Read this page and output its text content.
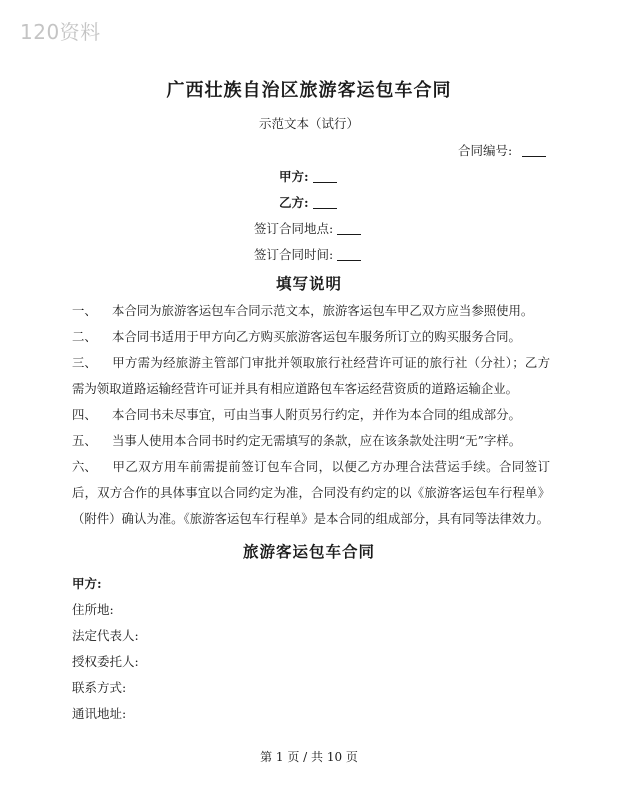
120资料
广西壮族自治区旅游客运包车合同
示范文本（试行）
合同编号:
甲方:
乙方:
签订合同地点:
签订合同时间:
填写说明
一、 本合同为旅游客运包车合同示范文本，旅游客运包车甲乙双方应当参照使用。
二、 本合同书适用于甲方向乙方购买旅游客运包车服务所订立的购买服务合同。
三、 甲方需为经旅游主管部门审批并领取旅行社经营许可证的旅行社（分社）；乙方需为领取道路运输经营许可证并具有相应道路包车客运经营资质的道路运输企业。
四、 本合同书未尽事宜，可由当事人附页另行约定，并作为本合同的组成部分。
五、 当事人使用本合同书时约定无需填写的条款，应在该条款处注明“无”字样。
六、 甲乙双方用车前需提前签订包车合同，以便乙方办理合法营运手续。合同签订后，双方合作的具体事宜以合同约定为准，合同没有约定的以《旅游客运包车行程单》（附件）确认为准。《旅游客运包车行程单》是本合同的组成部分，具有同等法律效力。
旅游客运包车合同
甲方:
住所地:
法定代表人:
授权委托人:
联系方式:
通讯地址:
第 1 页 / 共 10 页
